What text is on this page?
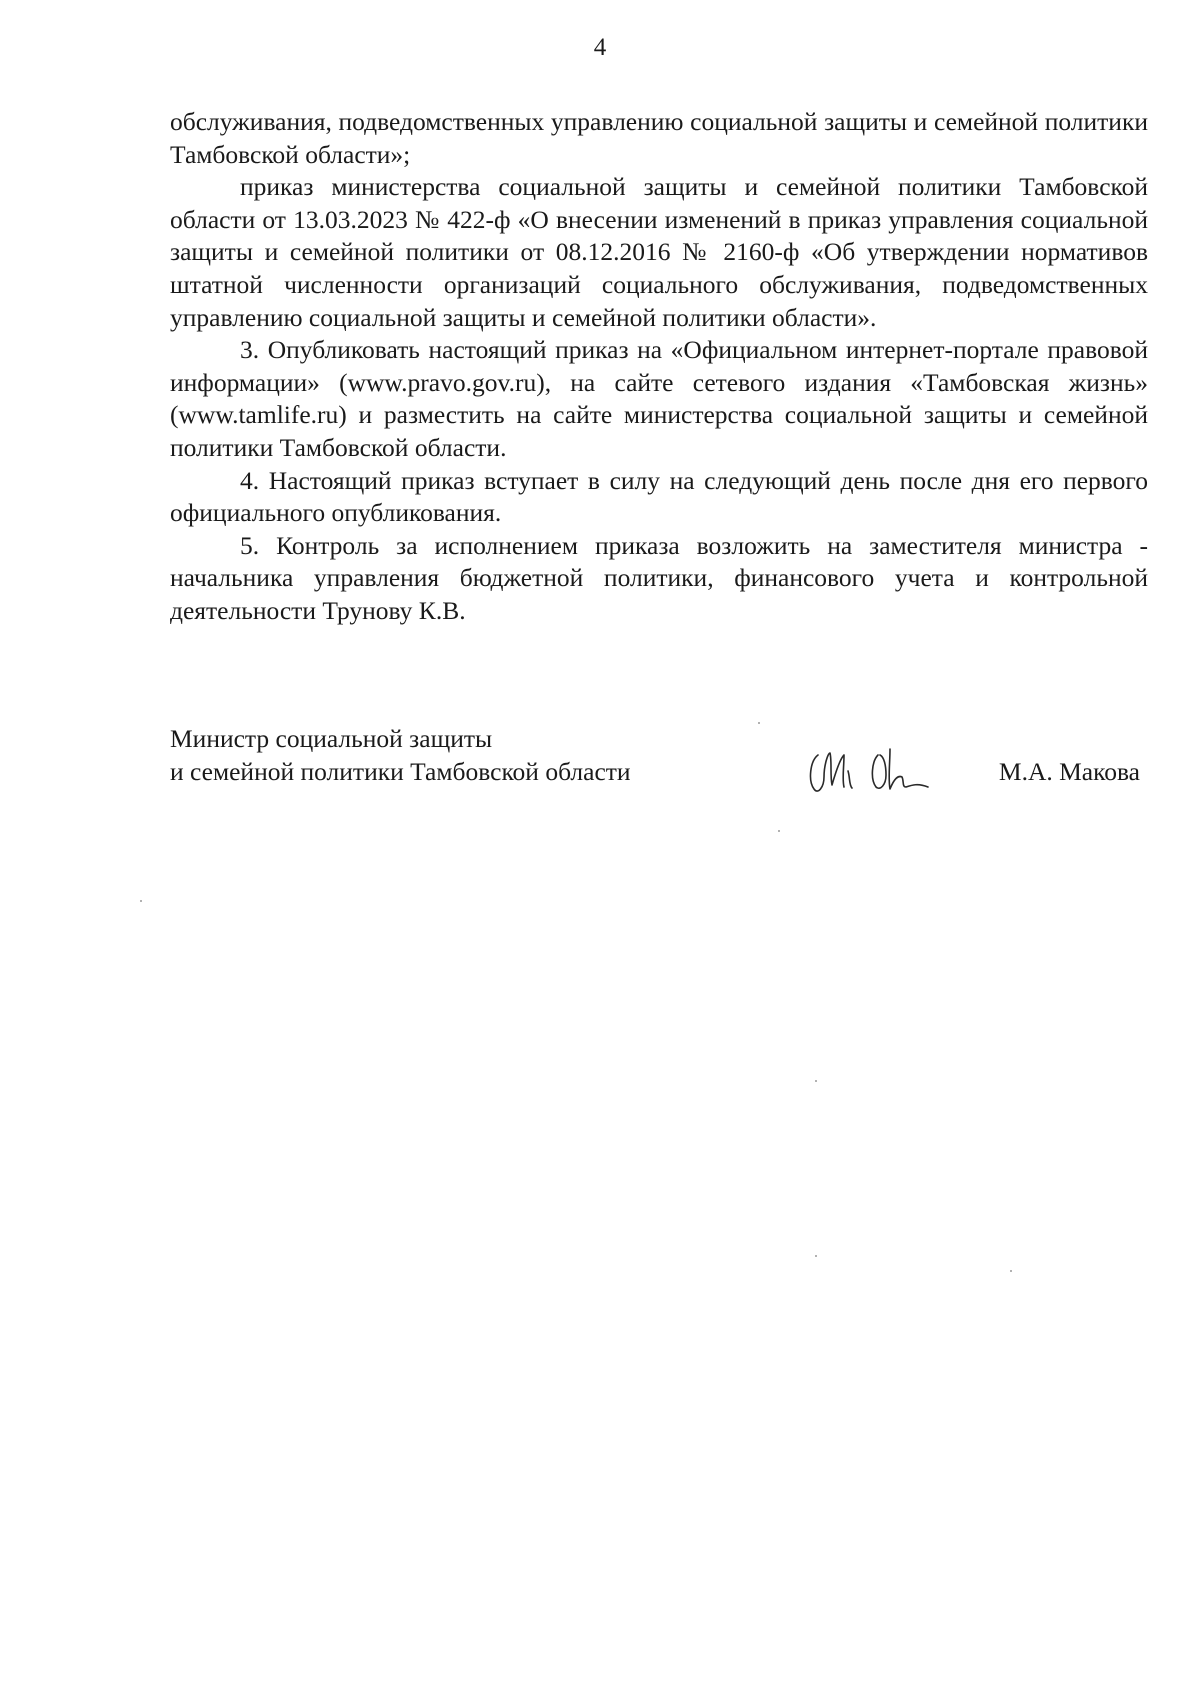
4

обслуживания, подведомственных управлению социальной защиты и семейной политики Тамбовской области»;

приказ министерства социальной защиты и семейной политики Тамбовской области от 13.03.2023 № 422-ф «О внесении изменений в приказ управления социальной защиты и семейной политики от 08.12.2016 № 2160-ф «Об утверждении нормативов штатной численности организаций социального обслуживания, подведомственных управлению социальной защиты и семейной политики области».

3. Опубликовать настоящий приказ на «Официальном интернет-портале правовой информации» (www.pravo.gov.ru), на сайте сетевого издания «Тамбовская жизнь» (www.tamlife.ru) и разместить на сайте министерства социальной защиты и семейной политики Тамбовской области.

4. Настоящий приказ вступает в силу на следующий день после дня его первого официального опубликования.

5. Контроль за исполнением приказа возложить на заместителя министра - начальника управления бюджетной политики, финансового учета и контрольной деятельности Трунову К.В.

Министр социальной защиты
и семейной политики Тамбовской области	М.А. Макова
